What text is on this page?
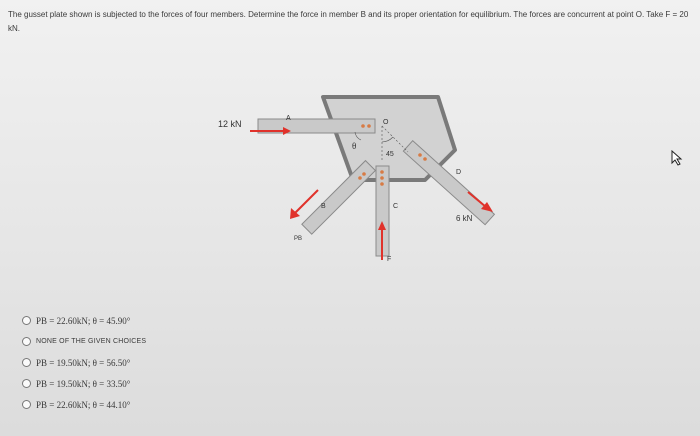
The gusset plate shown is subjected to the forces of four members. Determine the force in member B and its proper orientation for equilibrium. The forces are concurrent at point O. Take F = 20 kN.
12 kN
A
O
θ
45
B	C
D
F
6 kN
PB
PB = 22.60kN; θ = 45.90°
NONE OF THE GIVEN CHOICES
PB = 19.50kN; θ = 56.50°
PB = 19.50kN; θ = 33.50°
PB = 22.60kN; θ = 44.10°
